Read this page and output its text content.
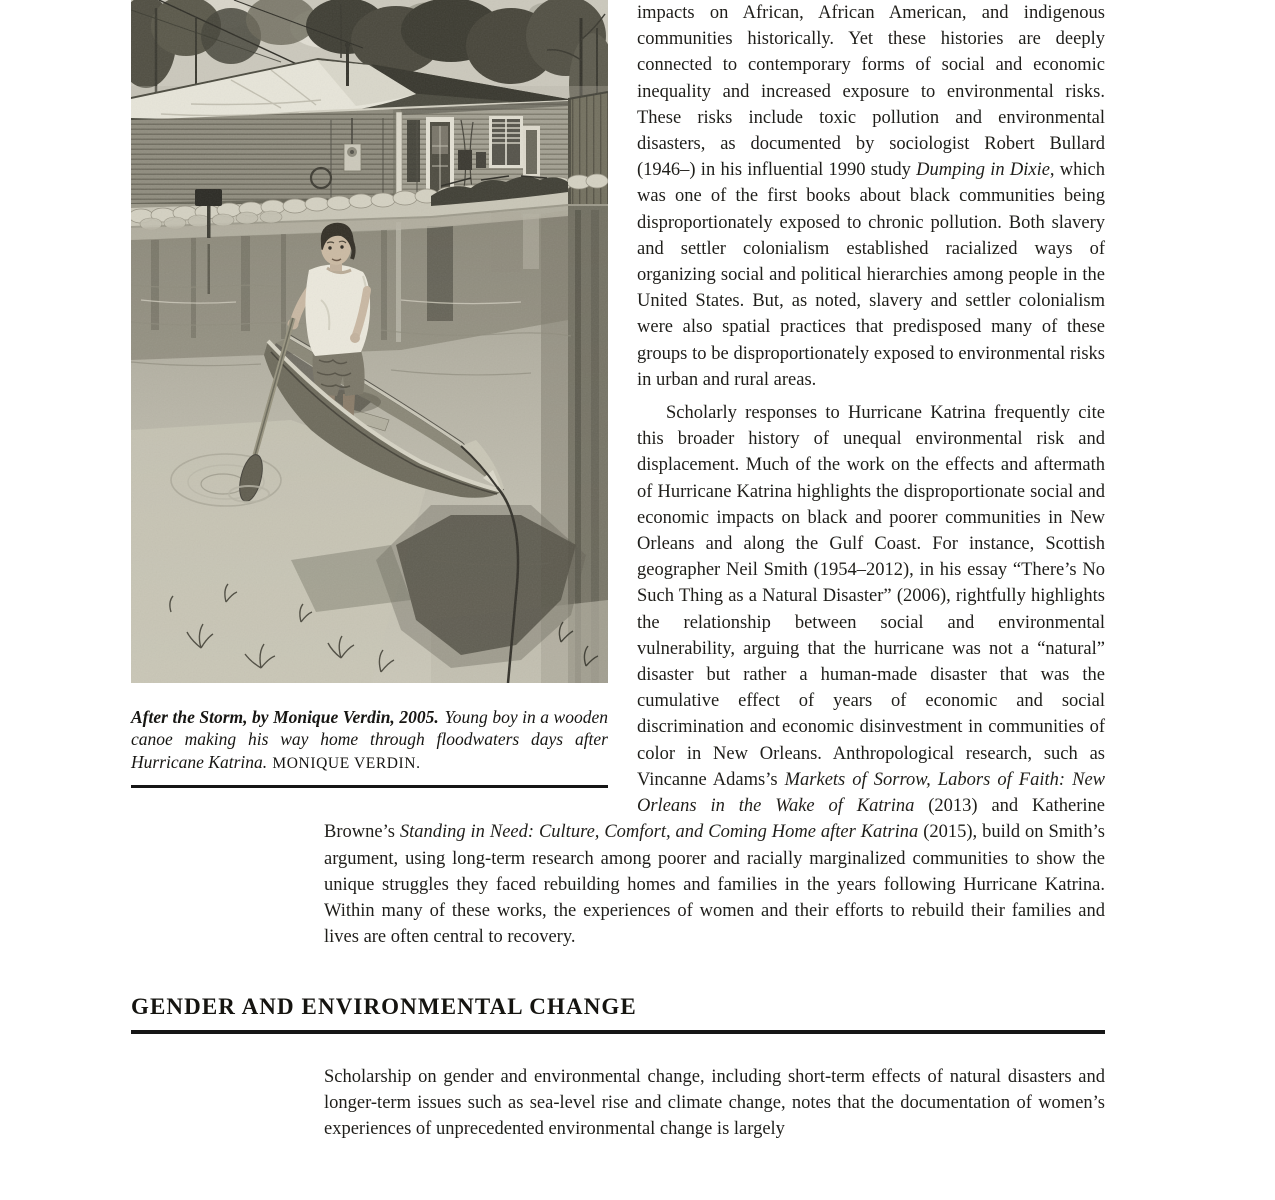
After the Storm, by Monique Verdin, 2005. Young boy in a wooden canoe making his way home through floodwaters days after Hurricane Katrina. MONIQUE VERDIN.

impacts on African, African American, and indigenous communities historically. Yet these histories are deeply connected to contemporary forms of social and economic inequality and increased exposure to environmental risks. These risks include toxic pollution and environmental disasters, as documented by sociologist Robert Bullard (1946–) in his influential 1990 study Dumping in Dixie, which was one of the first books about black communities being disproportionately exposed to chronic pollution. Both slavery and settler colonialism established racialized ways of organizing social and political hierarchies among people in the United States. But, as noted, slavery and settler colonialism were also spatial practices that predisposed many of these groups to be disproportionately exposed to environmental risks in urban and rural areas.

Scholarly responses to Hurricane Katrina frequently cite this broader history of unequal environmental risk and displacement. Much of the work on the effects and aftermath of Hurricane Katrina highlights the disproportionate social and economic impacts on black and poorer communities in New Orleans and along the Gulf Coast. For instance, Scottish geographer Neil Smith (1954–2012), in his essay “There’s No Such Thing as a Natural Disaster” (2006), rightfully highlights the relationship between social and environmental vulnerability, arguing that the hurricane was not a “natural” disaster but rather a human-made disaster that was the cumulative effect of years of economic and social discrimination and economic disinvestment in communities of color in New Orleans. Anthropological research, such as Vincanne Adams’s Markets of Sorrow, Labors of Faith: New Orleans in the Wake of Katrina (2013) and Katherine Browne’s Standing in Need: Culture, Comfort, and Coming Home after Katrina (2015), build on Smith’s argument, using long-term research among poorer and racially marginalized communities to show the unique struggles they faced rebuilding homes and families in the years following Hurricane Katrina. Within many of these works, the experiences of women and their efforts to rebuild their families and lives are often central to recovery.

GENDER AND ENVIRONMENTAL CHANGE

Scholarship on gender and environmental change, including short-term effects of natural disasters and longer-term issues such as sea-level rise and climate change, notes that the documentation of women’s experiences of unprecedented environmental change is largely
